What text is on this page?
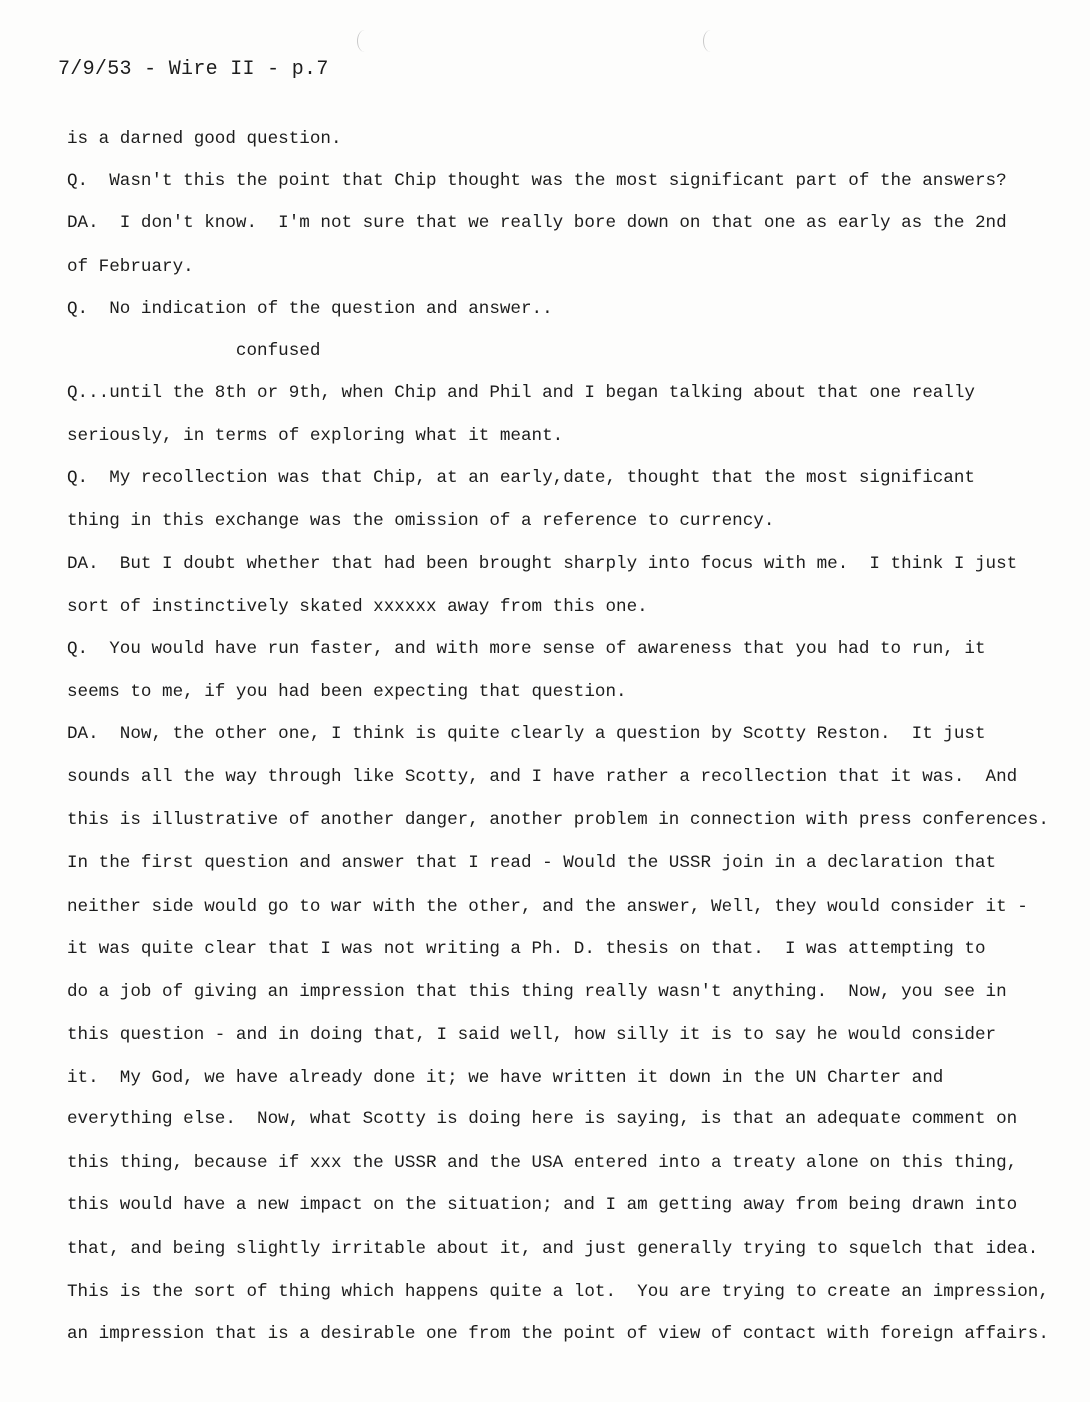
7/9/53 - Wire II - p.7
is a darned good question.
Q.  Wasn't this the point that Chip thought was the most significant part of the answers?
DA.  I don't know.  I'm not sure that we really bore down on that one as early as the 2nd
of February.
Q.  No indication of the question and answer..
confused
Q...until the 8th or 9th, when Chip and Phil and I began talking about that one really
seriously, in terms of exploring what it meant.
Q.  My recollection was that Chip, at an early,date, thought that the most significant
thing in this exchange was the omission of a reference to currency.
DA.  But I doubt whether that had been brought sharply into focus with me.  I think I just
sort of instinctively skated xxxxxx away from this one.
Q.  You would have run faster, and with more sense of awareness that you had to run, it
seems to me, if you had been expecting that question.
DA.  Now, the other one, I think is quite clearly a question by Scotty Reston.  It just
sounds all the way through like Scotty, and I have rather a recollection that it was.  And
this is illustrative of another danger, another problem in connection with press conferences.
In the first question and answer that I read - Would the USSR join in a declaration that
neither side would go to war with the other, and the answer, Well, they would consider it -
it was quite clear that I was not writing a Ph. D. thesis on that.  I was attempting to
do a job of giving an impression that this thing really wasn't anything.  Now, you see in
this question - and in doing that, I said well, how silly it is to say he would consider
it.  My God, we have already done it; we have written it down in the UN Charter and
everything else.  Now, what Scotty is doing here is saying, is that an adequate comment on
this thing, because if xxx the USSR and the USA entered into a treaty alone on this thing,
this would have a new impact on the situation; and I am getting away from being drawn into
that, and being slightly irritable about it, and just generally trying to squelch that idea.
This is the sort of thing which happens quite a lot.  You are trying to create an impression,
an impression that is a desirable one from the point of view of contact with foreign affairs.
